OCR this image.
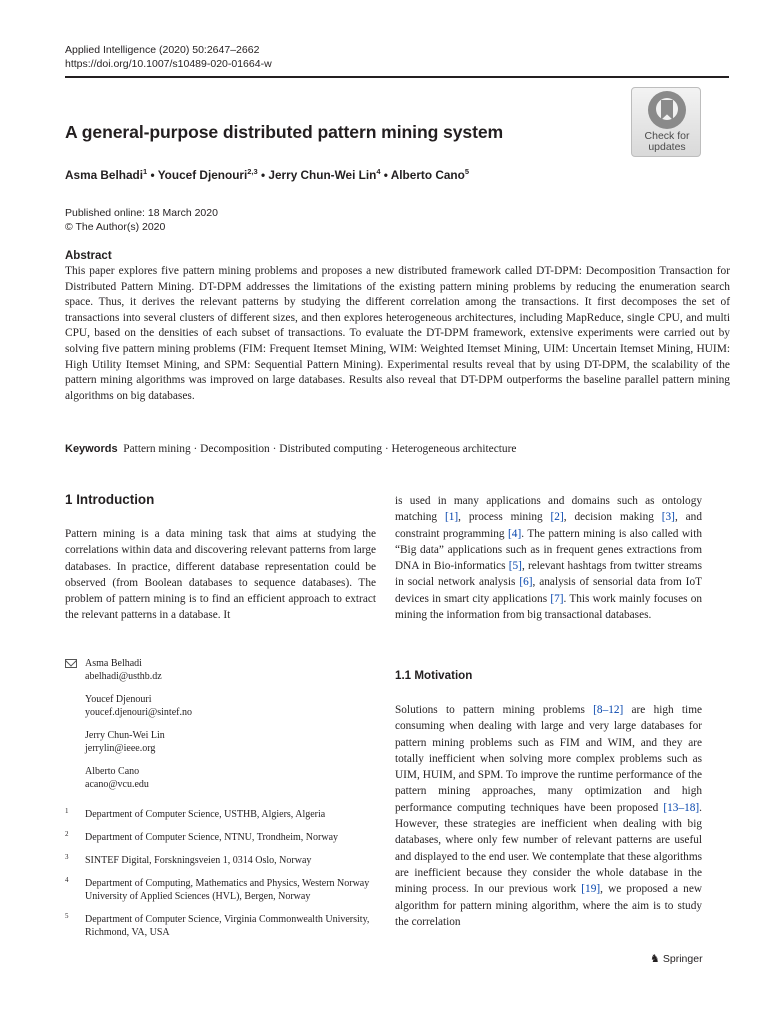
Applied Intelligence (2020) 50:2647–2662
https://doi.org/10.1007/s10489-020-01664-w
Check for
updates
A general-purpose distributed pattern mining system
Asma Belhadi$^1$ • Youcef Djenouri$^{2,3}$ • Jerry Chun-Wei Lin$^4$ • Alberto Cano$^5$
Published online: 18 March 2020
© The Author(s) 2020
Abstract
This paper explores five pattern mining problems and proposes a new distributed framework called DT-DPM: Decomposition Transaction for Distributed Pattern Mining. DT-DPM addresses the limitations of the existing pattern mining problems by reducing the enumeration search space. Thus, it derives the relevant patterns by studying the different correlation among the transactions. It first decomposes the set of transactions into several clusters of different sizes, and then explores heterogeneous architectures, including MapReduce, single CPU, and multi CPU, based on the densities of each subset of transactions. To evaluate the DT-DPM framework, extensive experiments were carried out by solving five pattern mining problems (FIM: Frequent Itemset Mining, WIM: Weighted Itemset Mining, UIM: Uncertain Itemset Mining, HUIM: High Utility Itemset Mining, and SPM: Sequential Pattern Mining). Experimental results reveal that by using DT-DPM, the scalability of the pattern mining algorithms was improved on large databases. Results also reveal that DT-DPM outperforms the baseline parallel pattern mining algorithms on big databases.
Keywords Pattern mining · Decomposition · Distributed computing · Heterogeneous architecture
1 Introduction
Pattern mining is a data mining task that aims at studying the correlations within data and discovering relevant patterns from large databases. In practice, different database representation could be observed (from Boolean databases to sequence databases). The problem of pattern mining is to find an efficient approach to extract the relevant patterns in a database. It
is used in many applications and domains such as ontology matching [1], process mining [2], decision making [3], and constraint programming [4]. The pattern mining is also called with “Big data” applications such as in frequent genes extractions from DNA in Bio-informatics [5], relevant hashtags from twitter streams in social network analysis [6], analysis of sensorial data from IoT devices in smart city applications [7]. This work mainly focuses on mining the information from big transactional databases.
1.1 Motivation
Solutions to pattern mining problems [8–12] are high time consuming when dealing with large and very large databases for pattern mining problems such as FIM and WIM, and they are totally inefficient when solving more complex problems such as UIM, HUIM, and SPM. To improve the runtime performance of the pattern mining approaches, many optimization and high performance computing techniques have been proposed [13–18]. However, these strategies are inefficient when dealing with big databases, where only few number of relevant patterns are useful and displayed to the end user. We contemplate that these algorithms are inefficient because they consider the whole database in the mining process. In our previous work [19], we proposed a new algorithm for pattern mining algorithm, where the aim is to study the correlation
Asma Belhadi
abelhadi@usthb.dz
Youcef Djenouri
youcef.djenouri@sintef.no
Jerry Chun-Wei Lin
jerrylin@ieee.org
Alberto Cano
acano@vcu.edu
1 Department of Computer Science, USTHB, Algiers, Algeria
2 Department of Computer Science, NTNU, Trondheim, Norway
3 SINTEF Digital, Forskningsveien 1, 0314 Oslo, Norway
4 Department of Computing, Mathematics and Physics, Western Norway University of Applied Sciences (HVL), Bergen, Norway
5 Department of Computer Science, Virginia Commonwealth University, Richmond, VA, USA
♞ Springer
